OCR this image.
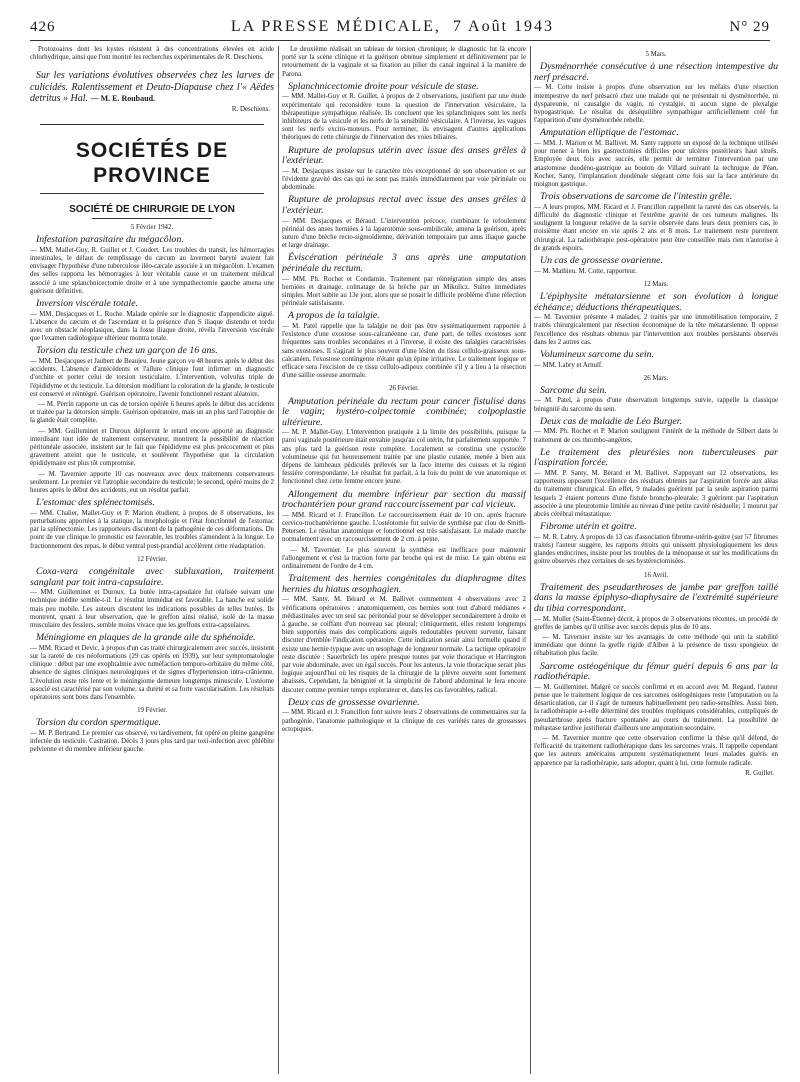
426	LA PRESSE MÉDICALE, 7 Août 1943	N° 29

Protozoaires dont les kystes résistent à des concentrations élevées en acide chlorhydrique, ainsi que l'ont montré les recherches expérimentales de R. Deschiens.

Sur les variations évolutives observées chez les larves de culicidés. Ralentissement et Deuto-Diapause chez l'« Aëdes detritus » Hal. — M. E. Roubaud.
R. Deschiens.
SOCIÉTÉS DE PROVINCE
SOCIÉTÉ DE CHIRURGIE DE LYON

5 Février 1942.

Infestation parasitaire du mégacôlon.

— MM. Mallet-Guy, R. Guillet et J. Coudert. Les troubles du transit, les hémorragies intestinales, le défaut de remplissage du cæcum au lavement baryté avaient fait envisager l'hypothèse d'une tuberculose iléo-cæcale associée à un mégacôlon. L'examen des selles rapporta les hémorragies à leur véritable cause et un traitement médical associé à une splanchnicectomie droite et à une sympathectomie gauche amena une guérison définitive.

Inversion viscérale totale.

— MM. Desjacques et L. Roche. Malade opérée sur le diagnostic d'appendicite aiguë. L'absence du cæcum et de l'ascendant et la présence d'un S iliaque distendu et tordu avec un obstacle néoplasique, dans la fosse iliaque droite, révéla l'inversion viscérale que l'examen radiologique ultérieur montra totale.

Torsion du testicule chez un garçon de 16 ans.

— MM. Desjacques et Jaubert de Beaujeu. Jeune garçon vu 48 heures après le début des accidents. L'absence d'antécédents et l'allure clinique font infirmer un diagnostic d'orchite et porter celui de torsion testiculaire. L'intervention, volvulus triple de l'épididyme et du testicule. La détorsion modifiant la coloration de la glande, le testicule est conservé et réintégré. Guérison opératoire, l'avenir fonctionnel restant aléatoire.

— M. Perrin rapporte un cas de torsion opérée 6 heures après le début des accidents et traitée par la détorsion simple. Guérison opératoire, mais un an plus tard l'atrophie de la glande était complète.

— MM. Guilleminet et Duroux déplorent le retard encore apporté au diagnostic interdisant tout idée de traitement conservateur, montrent la possibilité de réaction péritonéale associée, insistent sur le fait que l'épididyme est plus précocement et plus gravement atteint que le testicule, et soulèvent l'hypothèse que la circulation épididymaire est plus tôt compromise.

— M. Tavernier apporte 10 cas nouveaux avec deux traitements conservateurs seulement. Le premier vit l'atrophie secondaire du testicule; le second, opéré moins de 2 heures après le début des accidents, eut un résultat parfait.

L'estomac des splénectomisés.

— MM. Chalier, Mallet-Guy et P. Marion étudient, à propos de 8 observations, les perturbations apportées à la statique, la morphologie et l'état fonctionnel de l'estomac par la splénectomie. Les rapporteurs discutent de la pathogénie de ces déformations. Du point de vue clinique le pronostic est favorable, les troubles s'amendent à la longue. Le fractionnement des repas, le début ventral post-prandial accélèrent cette réadaptation.

12 Février.

Coxa-vara congénitale avec subluxation, traitement sanglant par toit intra-capsulaire.

— MM. Guilleminet et Duroux. La butée intra-capsulaire fut réalisée suivant une technique inédite semble-t-il. Le résultat immédiat est favorable. La hanche est solide mais peu mobile. Les auteurs discutent les indications possibles de telles butées. Ils montrent, quant à leur observation, que le greffon ainsi réalisé, isolé de la masse musculaire des fessiers, semble moins vivace que les greffons extra-capsulaires.

Méningiome en plaques de la grande aile du sphénoïde.

— MM. Ricard et Devic, à propos d'un cas traité chirurgicalement avec succès, insistent sur la rareté de ces néoformations (29 cas opérés en 1939), sur leur symptomatologie clinique : début par une exophtalmie avec tuméfaction temporo-orbitaire du même côté, absence de signes cliniques neurologiques et de signes d'hypertension intra-crânienne. L'évolution reste très lente et le méningiome demeure longtemps minuscule. L'ostéome associé est caractérisé par son volume, sa dureté et sa forte vascularisation. Les résultats opératoires sont bons dans l'ensemble.

19 Février.

Torsion du cordon spermatique.

— M. P. Bertrand. Le premier cas observé, vu tardivement, fut opéré en pleine gangrène infectée du testicule. Castration. Décès 3 jours plus tard par toxi-infection avec phlébite pelvienne et du membre inférieur gauche.

Le deuxième réalisait un tableau de torsion chronique; le diagnostic fut là encore porté sur la scène clinique et la guérison obtenue simplement et définitivement par le retournement de la vaginale et sa fixation au pilier du canal inguinal à la manière de Parona.

Splanchnicectomie droite pour vésicule de stase.

— MM. Mallet-Guy et R. Guillet, à propos de 2 observations, justifient par une étude expérimentale qui reconsidère toute la question de l'innervation vésiculaire, la thérapeutique sympathique réalisée. Ils concluent que les splanchniques sont les nerfs inhibiteurs de la vésicule et les nerfs de la sensibilité vésiculaire. A l'inverse, les vagues sont les nerfs excito-moteurs. Pour terminer, ils envisagent d'autres applications théoriques de cette chirurgie de l'innervation des voies biliaires.

Rupture de prolapsus utérin avec issue des anses grêles à l'extérieur.

— M. Desjacques insiste sur le caractère très exceptionnel de son observation et sur l'évidente gravité des cas qui ne sont pas traités immédiatement par voie périnéale ou abdominale.

Rupture de prolapsus rectal avec issue des anses grêles à l'extérieur.

— MM. Desjacques et Béraud. L'intervention précoce, combinant le refoulement périnéal des anses herniées à la laparotomie sous-ombilicale, amena la guérison, après suture d'une brèche recto-sigmoïdienne, dérivation temporaire par anus iliaque gauche et large drainage.

Éviscération périnéale 3 ans après une amputation périnéale du rectum.

— MM. Ph. Rochet et Condamin. Traitement par réintégration simple des anses herniées et drainage, colmatage de la brèche par un Mikulicz. Suites immédiates simples. Mort subite au 13e jour, alors que se posait le difficile problème d'une réfection périnéale satisfaisante.

A propos de la talalgie.

— M. Patel rappelle que la talalgie ne doit pas être systématiquement rapportée à l'existence d'une exostose sous-calcanéenne car, d'une part, de telles exostoses sont fréquentes sans troubles secondaires et à l'inverse, il existe des talalgies caractérisées sans exostoses. Il s'agirait le plus souvent d'une lésion du tissu cellulo-graisseux sous-calcanéen, l'exostose contingente n'étant qu'un épine irritative. Le traitement logique et efficace sera l'excision de ce tissu cellulo-adipeux combinée s'il y a lieu à la résection d'une saillie osseuse anormale.

26 Février.

Amputation périnéale du rectum pour cancer fistulisé dans le vagin; hystéro-colpectomie combinée; colpoplastie ultérieure.

— M. P. Mallet-Guy. L'intervention pratiquée à la limite des possibilités, puisque la paroi vaginale postérieure était envahie jusqu'au col utérin, fut parfaitement supportée. 7 ans plus tard la guérison reste complète. Localement se constitua une cystocèle volumineuse qui fut heureusement traitée par une plastie cutanée, menée à bien aux dépens de lambeaux pédiculés prélevés sur la face interne des cuisses et la région fessière correspondante. Le résultat fut parfait, à la fois du point de vue anatomique et fonctionnel chez cette femme encore jeune.

Allongement du membre inférieur par section du massif trochantérien pour grand raccourcissement par cal vicieux.

— MM. Ricard et J. Francillon. Le raccourcissement était de 10 cm. après fracture cervico-trochantérienne gauche. L'ostéotomie fut suivie de synthèse par clou de Smith-Petersen. Le résultat anatomique et fonctionnel est très satisfaisant. Le malade marche normalement avec un raccourcissement de 2 cm. à peine.

— M. Tavernier. Le plus souvent la synthèse est inefficace pour maintenir l'allongement et c'est la traction forte par broche qui est de mise. Le gain obtenu est ordinairement de l'ordre de 4 cm.

Traitement des hernies congénitales du diaphragme dites hernies du hiatus œsophagien.

— MM. Santy, M. Bérard et M. Ballivet commentent 4 observations avec 2 vérifications opératoires : anatomiquement, ces hernies sont tout d'abord médianes « médiastinales avec un seul sac péritonéal pour se développer secondairement à droite et à gauche, se coiffant d'un nouveau sac pleural; cliniquement, elles restent longtemps bien supportées mais des complications aiguës redoutables peuvent survenir, faisant discuter d'emblée l'indication opératoire. Cette indication serait ainsi formelle quand il existe une hernie typique avec un œsophage de longueur normale. La tactique opératoire reste discutée : Sauerbrüch les opère presque toutes par voie thoracique et Harrington par voie abdominale, avec un égal succès. Pour les auteurs, la voie thoracique serait plus logique aujourd'hui où les risques de la chirurgie de la plèvre ouverte sont fortement abaissés. Cependant, la bénignité et la simplicité de l'abord abdominal le fera encore discuter comme premier temps explorateur et, dans les cas favorables, radical.

Deux cas de grossesse ovarienne.

— MM. Ricard et J. Francillon font suivre leurs 2 observations de commentaires sur la pathogénie, l'anatomie pathologique et la clinique de ces variétés rares de grossesses ectopiques.

5 Mars.

Dysménorrhée consécutive à une résection intempestive du nerf présacré.

— M. Cotte insiste à propos d'une observation sur les méfaits d'une résection intempestive du nerf présacré chez une malade qui ne présentait ni dysménorrhée, ni dyspareunie, ni causalgie du vagin, ni cystalgie, ni aucun signe de plexalgie hypogastrique. Le résultat du déséquilibre sympathique artificiellement créé fut l'apparition d'une dysménorrhée rebelle.

Amputation elliptique de l'estomac.

— MM. J. Marion et M. Ballivet. M. Santy rapporte un exposé de la technique utilisée pour mener à bien les gastrectomies difficiles pour ulcères postérieurs haut situés. Employée deux fois avec succès, elle permit de terminer l'intervention par une anastomose duodéno-gastrique au bouton de Villard suivant la technique de Péan, Kocher, Santy, l'implantation duodénale siégeant cette fois sur la face antérieure du moignon gastrique.

Trois observations de sarcome de l'intestin grêle.

— A leurs propos, MM. Ricard et J. Francillon rappellent la rareté des cas observés, la difficulté du diagnostic clinique et l'extrême gravité de ces tumeurs malignes. Ils soulignent la longueur relative de la survie observée dans leurs deux premiers cas, le troisième étant encore en vie après 2 ans et 8 mois. Le traitement reste purement chirurgical. La radiothérapie post-opératoire peut être conseillée mais rien n'autorise à de grands espoirs.

Un cas de grossesse ovarienne.

— M. Mathieu. M. Cotte, rapporteur.

12 Mars.

L'épiphysite métatarsienne et son évolution à longue échéance; déductions thérapeutiques.

— M. Tavernier présente 4 malades, 2 traités par une immobilisation temporaire, 2 traités chirurgicalement par résection économique de la tête métatarsienne. Il oppose l'excellence des résultats obtenus par l'intervention aux troubles persistants observés dans les 2 autres cas.

Volumineux sarcome du sein.

— MM. Labry et Arnulf.

26 Mars.

Sarcome du sein.

— M. Patel, à propos d'une observation longtemps suivie, rappelle la classique bénignité du sarcome du sein.

Deux cas de maladie de Léo Burger.

— MM. Ph. Rochet et P. Marion soulignent l'intérêt de la méthode de Silbert dans le traitement de ces thrombo-angéites.

Le traitement des pleurésies non tuberculeuses par l'aspiration forcée.

— MM. P. Santy, M. Bérard et M. Ballivet. S'appuyant sur 12 observations, les rapporteurs opposent l'excellence des résultats obtenus par l'aspiration forcée aux aléas du traitement chirurgical. En effet, 9 malades guérirent par la seule aspiration parmi lesquels 2 étaient porteurs d'une fistule broncho-pleurale; 3 guérirent par l'aspiration associée à une pleurotomie limitée au niveau d'une petite cavité résiduelle; 1 mourut par abcès cérébral métastatique.

Fibrome utérin et goitre.

— M. R. Labry. A propos de 13 cas d'association fibrome-utérin-goitre (sur 57 fibromes traités) l'auteur suggère, les rapports étroits qui unissent physiologiquement les deux glandes endocrines, insiste pour les troubles de la ménopause et sur les modifications du goitre observés chez certaines de ses hystérectomisées.

16 Avril.

Traitement des pseudarthroses de jambe par greffon taillé dans la masse épiphyso-diaphysaire de l'extrémité supérieure du tibia correspondant.

— M. Muller (Saint-Étienne) décrit, à propos de 3 observations récentes, un procédé de greffes de jambes qu'il utilise avec succès depuis plus de 10 ans.

— M. Tavernier insiste sur les avantages de cette méthode qui unit la stabilité immédiate que donne la greffe rigide d'Albee à la présence de tissu spongieux de réhabitation plus facile.

Sarcome ostéogénique du fémur guéri depuis 6 ans par la radiothérapie.

— M. Guilleminet. Malgré ce succès confirmé et en accord avec M. Regaud, l'auteur pense que le traitement logique de ces sarcomes ostéogéniques reste l'amputation ou la désarticulation, car il s'agit de tumeurs habituellement peu radio-sensibles. Aussi bien, la radiothérapie a-t-elle déterminé des troubles trophiques considérables, compliqués de pseudarthrose après fracture spontanée au cours du traitement. La possibilité de métastase tardive justifierait d'ailleurs une amputation secondaire.

— M. Tavernier montre que cette observation confirme la thèse qu'il défend, de l'efficacité du traitement radiothérapique dans les sarcomes vrais. Il rappelle cependant que les auteurs américains amputent systématiquement leurs malades guéris en apparence par la radiothérapie, sans adopter, quant à lui, cette formule radicale.

R. Guillet.
